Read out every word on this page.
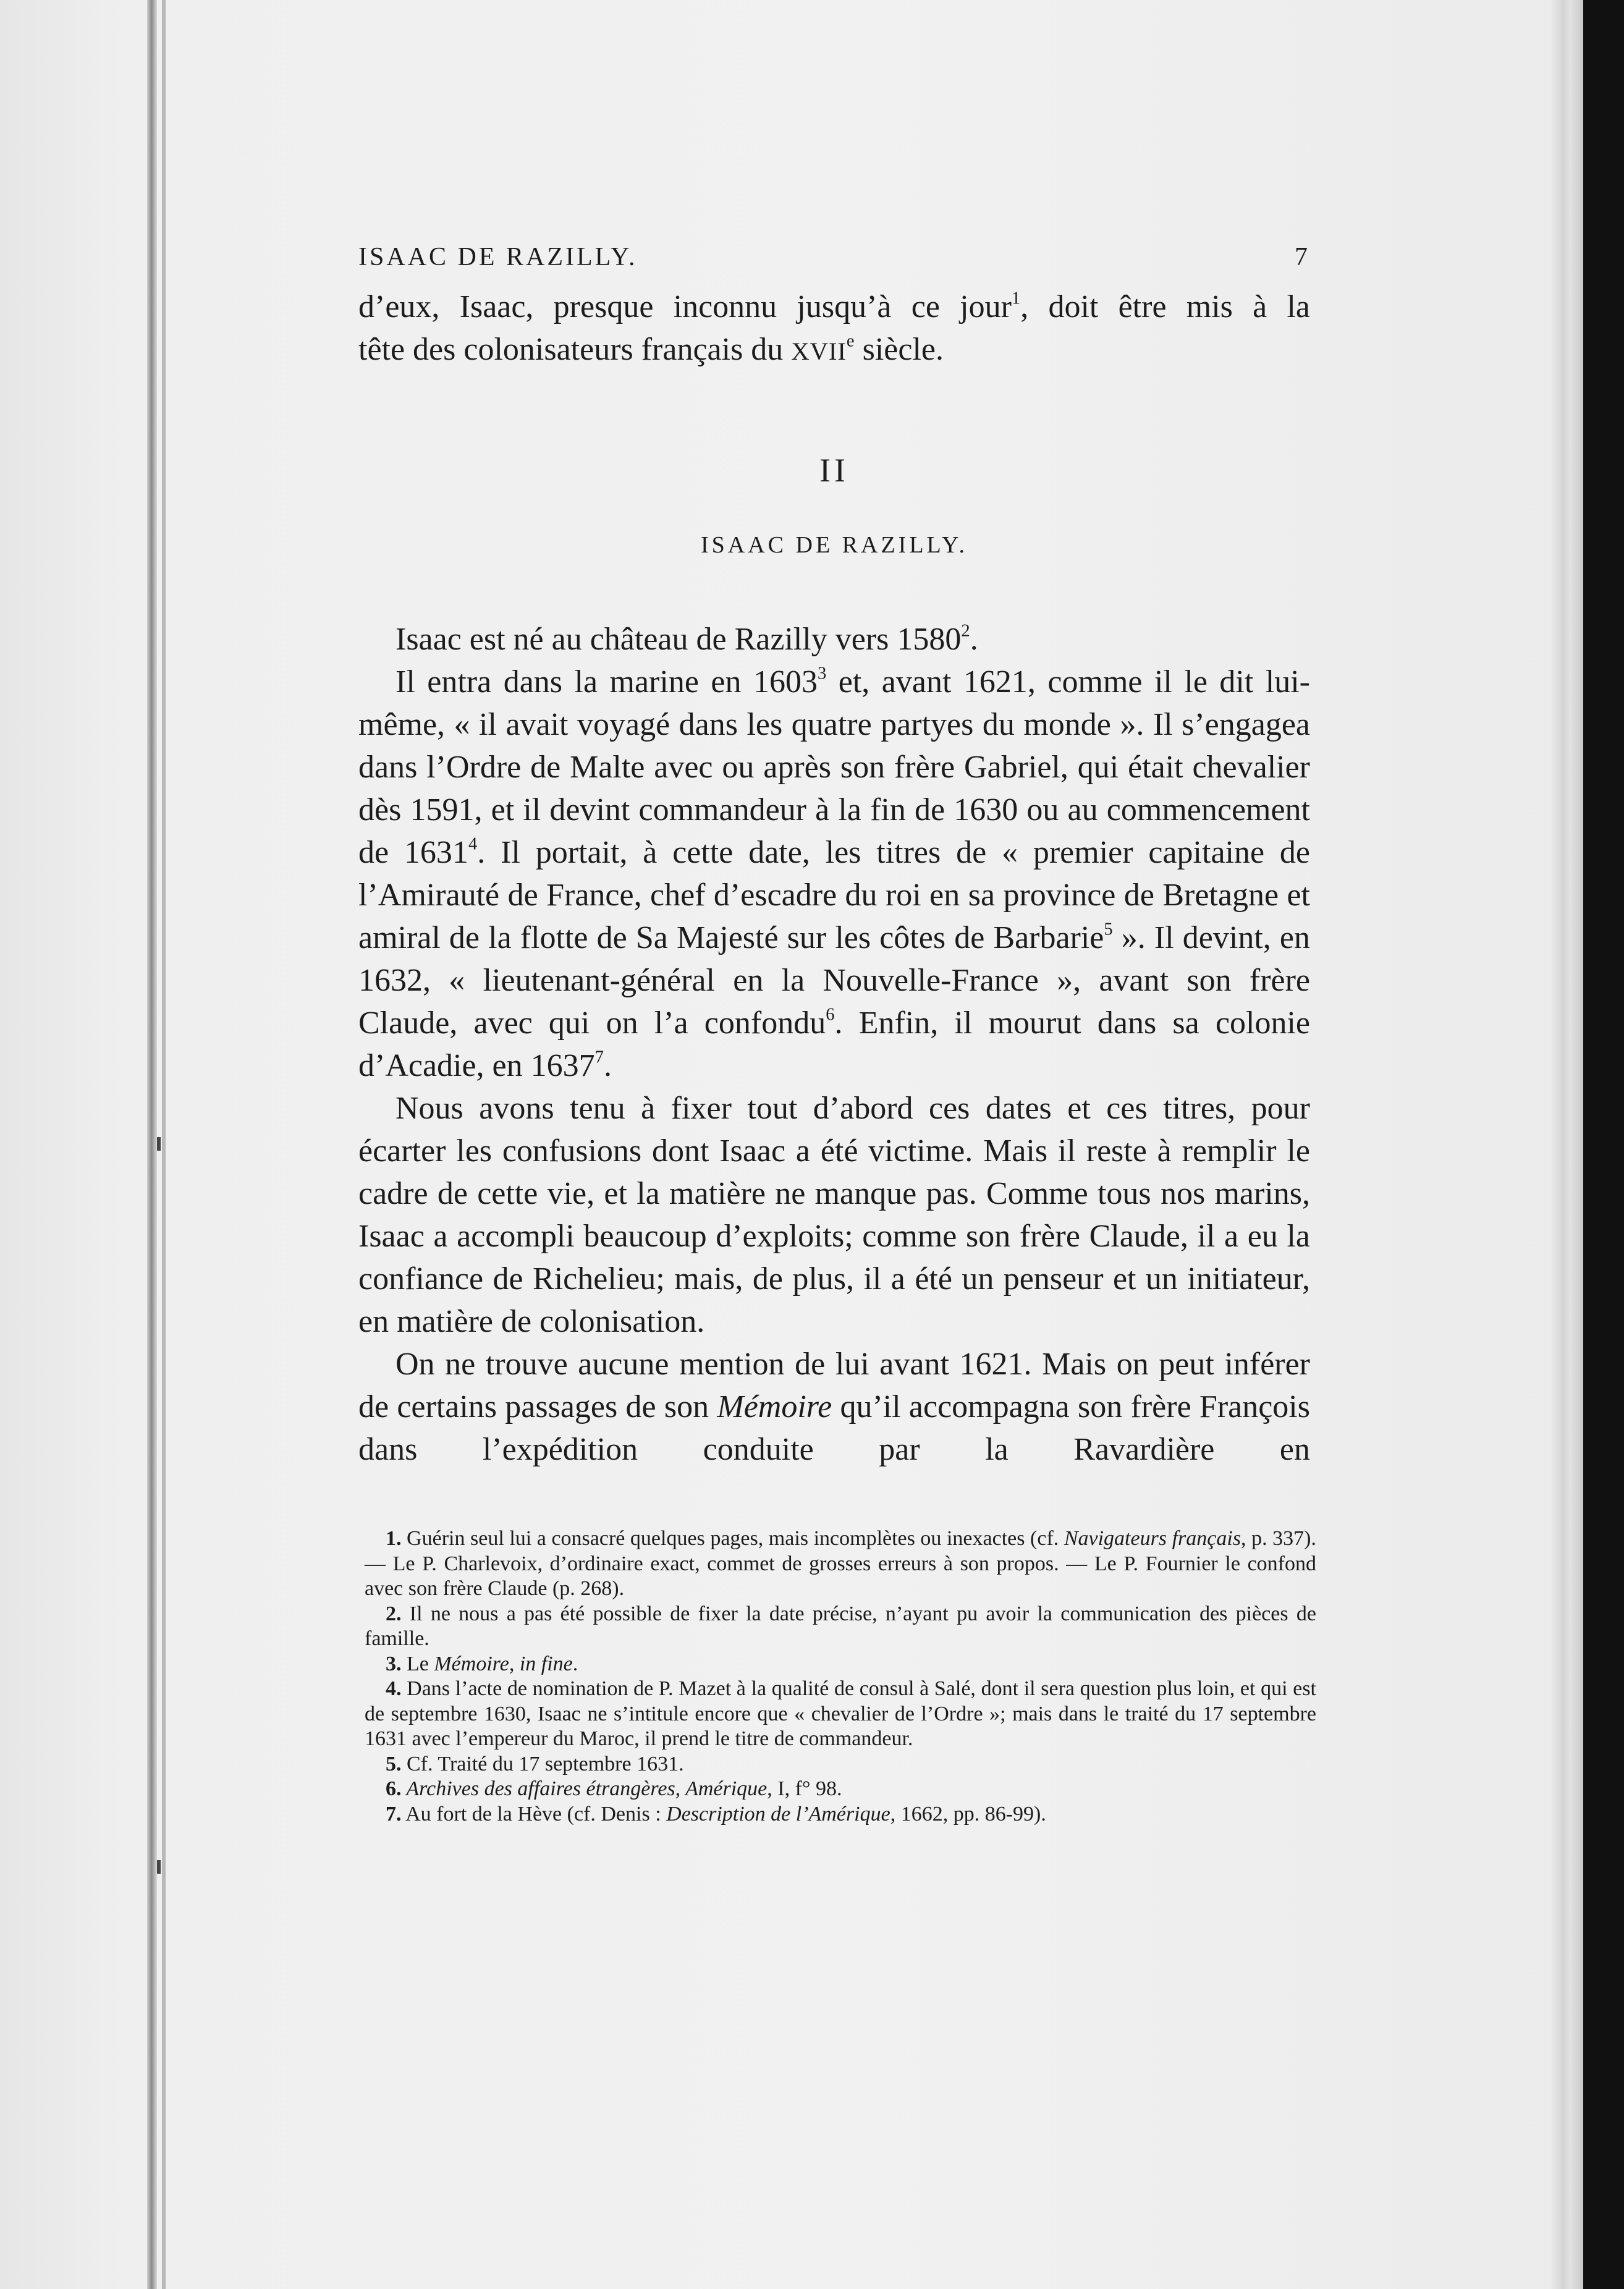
ISAAC DE RAZILLY.	7
d’eux, Isaac, presque inconnu jusqu’à ce jour$^1$, doit être mis à la
tête des colonisateurs français du XVIIe siècle.
II
ISAAC DE RAZILLY.

Isaac est né au château de Razilly vers 1580$^2$.

Il entra dans la marine en 1603$^3$ et, avant 1621, comme il le dit lui-même, « il avait voyagé dans les quatre partyes du monde ». Il s’engagea dans l’Ordre de Malte avec ou après son frère Gabriel, qui était chevalier dès 1591, et il devint commandeur à la fin de 1630 ou au commencement de 1631$^4$. Il portait, à cette date, les titres de « premier capitaine de l’Amirauté de France, chef d’escadre du roi en sa province de Bretagne et amiral de la flotte de Sa Majesté sur les côtes de Barbarie$^5$ ». Il devint, en 1632, « lieutenant-général en la Nouvelle-France », avant son frère Claude, avec qui on l’a confondu$^6$. Enfin, il mourut dans sa colonie d’Acadie, en 1637$^7$.

Nous avons tenu à fixer tout d’abord ces dates et ces titres, pour écarter les confusions dont Isaac a été victime. Mais il reste à remplir le cadre de cette vie, et la matière ne manque pas. Comme tous nos marins, Isaac a accompli beaucoup d’exploits; comme son frère Claude, il a eu la confiance de Richelieu; mais, de plus, il a été un penseur et un initiateur, en matière de colonisation.

On ne trouve aucune mention de lui avant 1621. Mais on peut inférer de certains passages de son Mémoire qu’il accompagna son frère François dans l’expédition conduite par la Ravardière en

1. Guérin seul lui a consacré quelques pages, mais incomplètes ou inexactes (cf. Navigateurs français, p. 337). — Le P. Charlevoix, d’ordinaire exact, commet de grosses erreurs à son propos. — Le P. Fournier le confond avec son frère Claude (p. 268).

2. Il ne nous a pas été possible de fixer la date précise, n’ayant pu avoir la communication des pièces de famille.

3. Le Mémoire, in fine.

4. Dans l’acte de nomination de P. Mazet à la qualité de consul à Salé, dont il sera question plus loin, et qui est de septembre 1630, Isaac ne s’intitule encore que « chevalier de l’Ordre »; mais dans le traité du 17 septembre 1631 avec l’empereur du Maroc, il prend le titre de commandeur.

5. Cf. Traité du 17 septembre 1631.

6. Archives des affaires étrangères, Amérique, I, f° 98.

7. Au fort de la Hève (cf. Denis : Description de l’Amérique, 1662, pp. 86-99).
